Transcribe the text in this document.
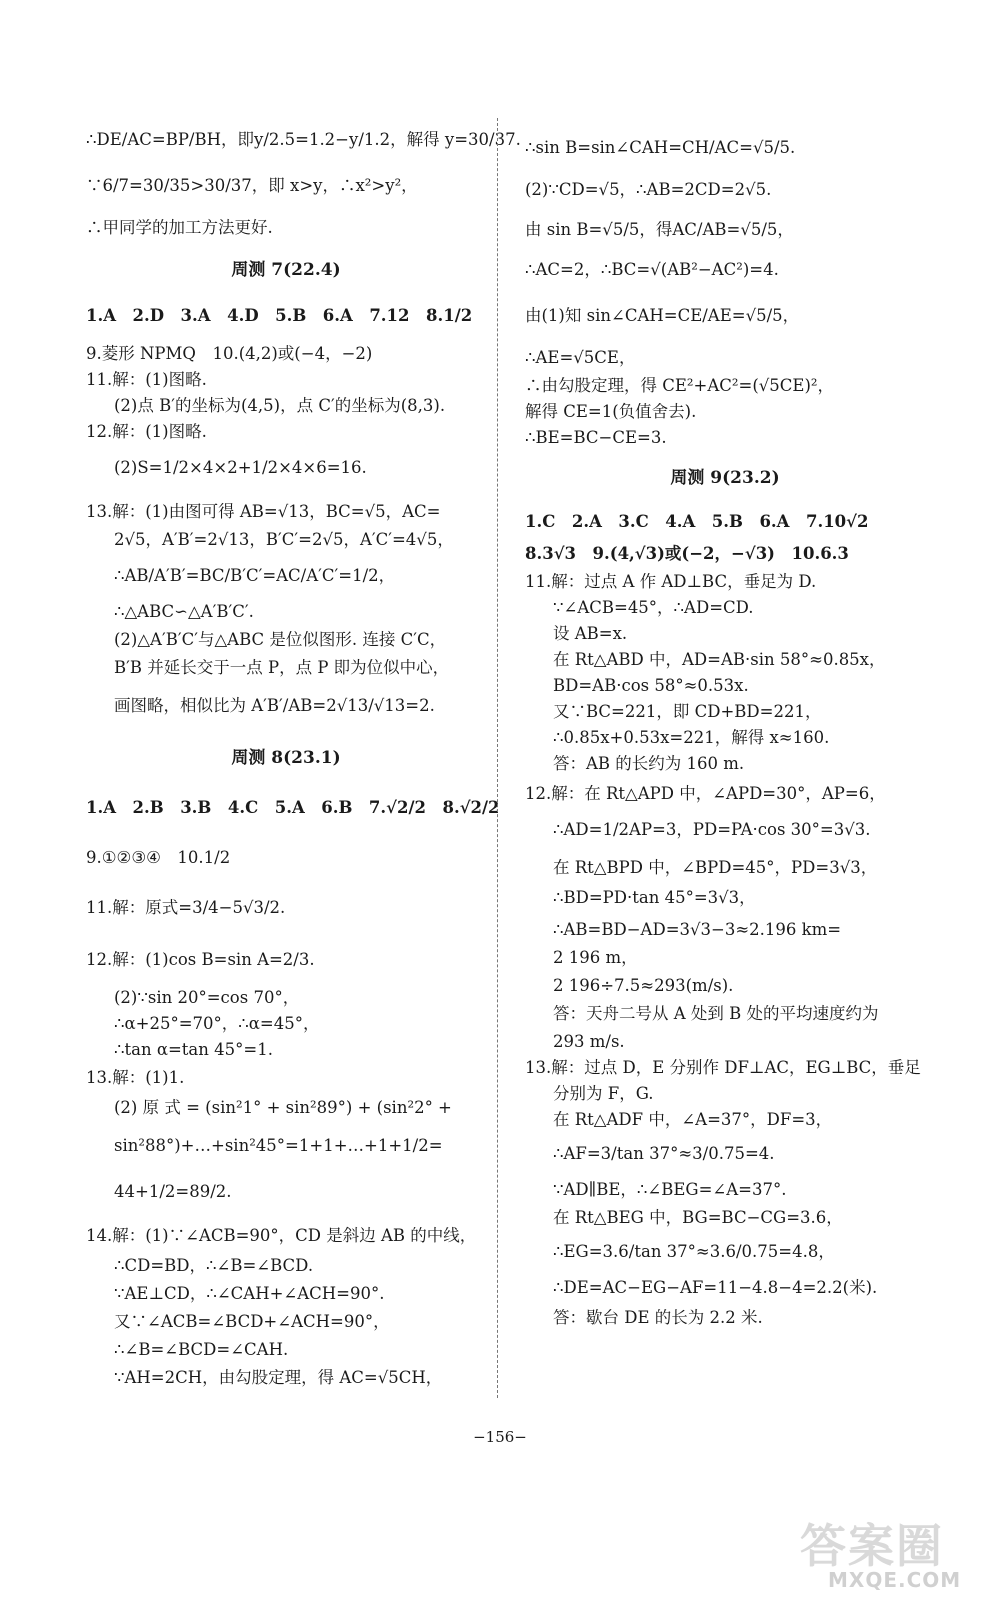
∴DE/AC=BP/BH，即y/2.5=1.2−y/1.2，解得 y=30/37.
∵6/7=30/35>30/37，即 x>y，∴x²>y²，
∴甲同学的加工方法更好.
周测 7(22.4)
1.A　2.D　3.A　4.D　5.B　6.A　7.12　8.1/2
9.菱形 NPMQ　10.(4,2)或(−4，−2)
11.解：(1)图略.
(2)点 B′的坐标为(4,5)，点 C′的坐标为(8,3).
12.解：(1)图略.
(2)S=1/2×4×2+1/2×4×6=16.
13.解：(1)由图可得 AB=√13，BC=√5，AC=
2√5，A′B′=2√13，B′C′=2√5，A′C′=4√5，
∴AB/A′B′=BC/B′C′=AC/A′C′=1/2，
∴△ABC∽△A′B′C′.
(2)△A′B′C′与△ABC 是位似图形. 连接 C′C，
B′B 并延长交于一点 P，点 P 即为位似中心，
画图略，相似比为 A′B′/AB=2√13/√13=2.
周测 8(23.1)
1.A　2.B　3.B　4.C　5.A　6.B　7.√2/2　8.√2/2
9.①②③④　10.1/2
11.解：原式=3/4−5√3/2.
12.解：(1)cos B=sin A=2/3.
(2)∵sin 20°=cos 70°，
∴α+25°=70°，∴α=45°，
∴tan α=tan 45°=1.
13.解：(1)1.
(2) 原 式 = (sin²1° + sin²89°) + (sin²2° +
sin²88°)+…+sin²45°=1+1+…+1+1/2=
44+1/2=89/2.
14.解：(1)∵∠ACB=90°，CD 是斜边 AB 的中线，
∴CD=BD，∴∠B=∠BCD.
∵AE⊥CD，∴∠CAH+∠ACH=90°.
又∵∠ACB=∠BCD+∠ACH=90°，
∴∠B=∠BCD=∠CAH.
∵AH=2CH，由勾股定理，得 AC=√5CH，
∴sin B=sin∠CAH=CH/AC=√5/5.
(2)∵CD=√5，∴AB=2CD=2√5.
由 sin B=√5/5，得AC/AB=√5/5，
∴AC=2，∴BC=√(AB²−AC²)=4.
由(1)知 sin∠CAH=CE/AE=√5/5，
∴AE=√5CE，
∴由勾股定理，得 CE²+AC²=(√5CE)²，
解得 CE=1(负值舍去).
∴BE=BC−CE=3.
周测 9(23.2)
1.C　2.A　3.C　4.A　5.B　6.A　7.10√2
8.3√3　9.(4,√3)或(−2，−√3)　10.6.3
11.解：过点 A 作 AD⊥BC，垂足为 D.
∵∠ACB=45°，∴AD=CD.
设 AB=x.
在 Rt△ABD 中，AD=AB·sin 58°≈0.85x，
BD=AB·cos 58°≈0.53x.
又∵BC=221，即 CD+BD=221，
∴0.85x+0.53x=221，解得 x≈160.
答：AB 的长约为 160 m.
12.解：在 Rt△APD 中，∠APD=30°，AP=6，
∴AD=1/2AP=3，PD=PA·cos 30°=3√3.
在 Rt△BPD 中，∠BPD=45°，PD=3√3，
∴BD=PD·tan 45°=3√3，
∴AB=BD−AD=3√3−3≈2.196 km=
2 196 m，
2 196÷7.5≈293(m/s).
答：天舟二号从 A 处到 B 处的平均速度约为
293 m/s.
13.解：过点 D，E 分别作 DF⊥AC，EG⊥BC，垂足
分别为 F，G.
在 Rt△ADF 中，∠A=37°，DF=3，
∴AF=3/tan 37°≈3/0.75=4.
∵AD∥BE，∴∠BEG=∠A=37°.
在 Rt△BEG 中，BG=BC−CG=3.6，
∴EG=3.6/tan 37°≈3.6/0.75=4.8，
∴DE=AC−EG−AF=11−4.8−4=2.2(米).
答：歇台 DE 的长为 2.2 米.
−156−
答案圈
MXQE.COM
